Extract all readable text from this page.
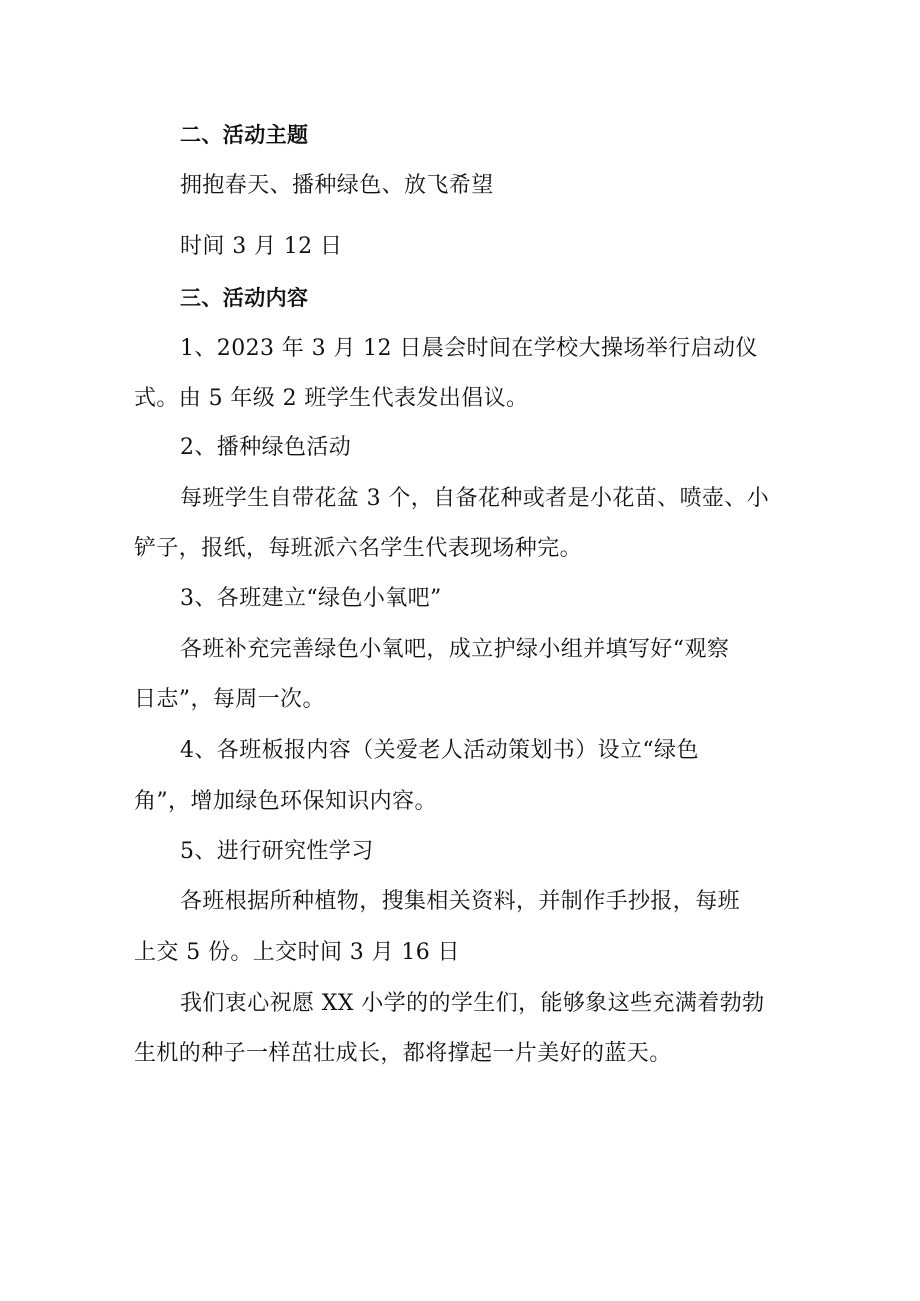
二、活动主题
拥抱春天、播种绿色、放飞希望
时间 3 月 12 日
三、活动内容
1、2023 年 3 月 12 日晨会时间在学校大操场举行启动仪
式。由 5 年级 2 班学生代表发出倡议。
2、播种绿色活动
每班学生自带花盆 3 个，自备花种或者是小花苗、喷壶、小
铲子，报纸，每班派六名学生代表现场种完。
3、各班建立“绿色小氧吧”
各班补充完善绿色小氧吧，成立护绿小组并填写好“观察
日志”，每周一次。
4、各班板报内容（关爱老人活动策划书）设立“绿色
角”，增加绿色环保知识内容。
5、进行研究性学习
各班根据所种植物，搜集相关资料，并制作手抄报，每班
上交 5 份。上交时间 3 月 16 日
我们衷心祝愿 XX 小学的的学生们，能够象这些充满着勃勃
生机的种子一样茁壮成长，都将撑起一片美好的蓝天。
